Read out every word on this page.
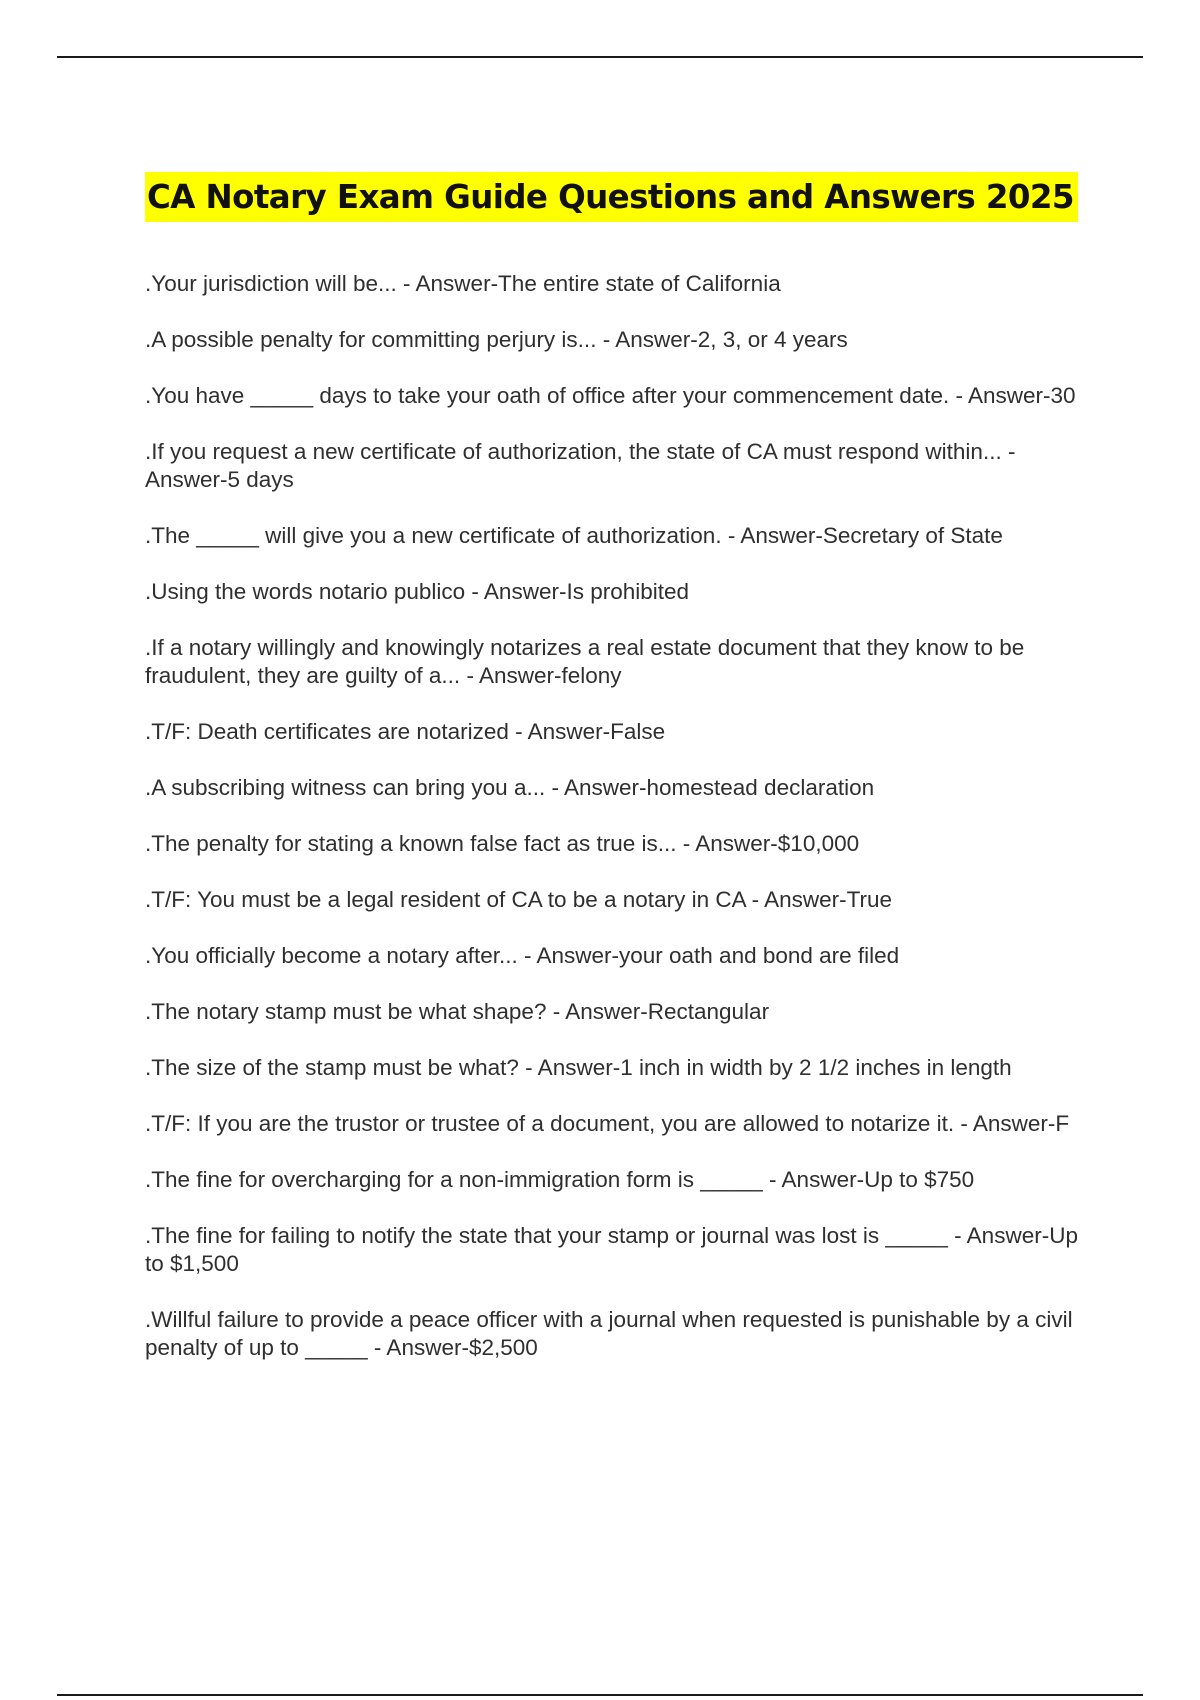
CA Notary Exam Guide Questions and Answers 2025
.Your jurisdiction will be... - Answer-The entire state of California
.A possible penalty for committing perjury is... - Answer-2, 3, or 4 years
.You have _____ days to take your oath of office after your commencement date. - Answer-30
.If you request a new certificate of authorization, the state of CA must respond within... - Answer-5 days
.The _____ will give you a new certificate of authorization. - Answer-Secretary of State
.Using the words notario publico - Answer-Is prohibited
.If a notary willingly and knowingly notarizes a real estate document that they know to be fraudulent, they are guilty of a... - Answer-felony
.T/F: Death certificates are notarized - Answer-False
.A subscribing witness can bring you a... - Answer-homestead declaration
.The penalty for stating a known false fact as true is... - Answer-$10,000
.T/F: You must be a legal resident of CA to be a notary in CA - Answer-True
.You officially become a notary after... - Answer-your oath and bond are filed
.The notary stamp must be what shape? - Answer-Rectangular
.The size of the stamp must be what? - Answer-1 inch in width by 2 1/2 inches in length
.T/F: If you are the trustor or trustee of a document, you are allowed to notarize it. - Answer-F
.The fine for overcharging for a non-immigration form is _____ - Answer-Up to $750
.The fine for failing to notify the state that your stamp or journal was lost is _____ - Answer-Up to $1,500
.Willful failure to provide a peace officer with a journal when requested is punishable by a civil penalty of up to _____ - Answer-$2,500
